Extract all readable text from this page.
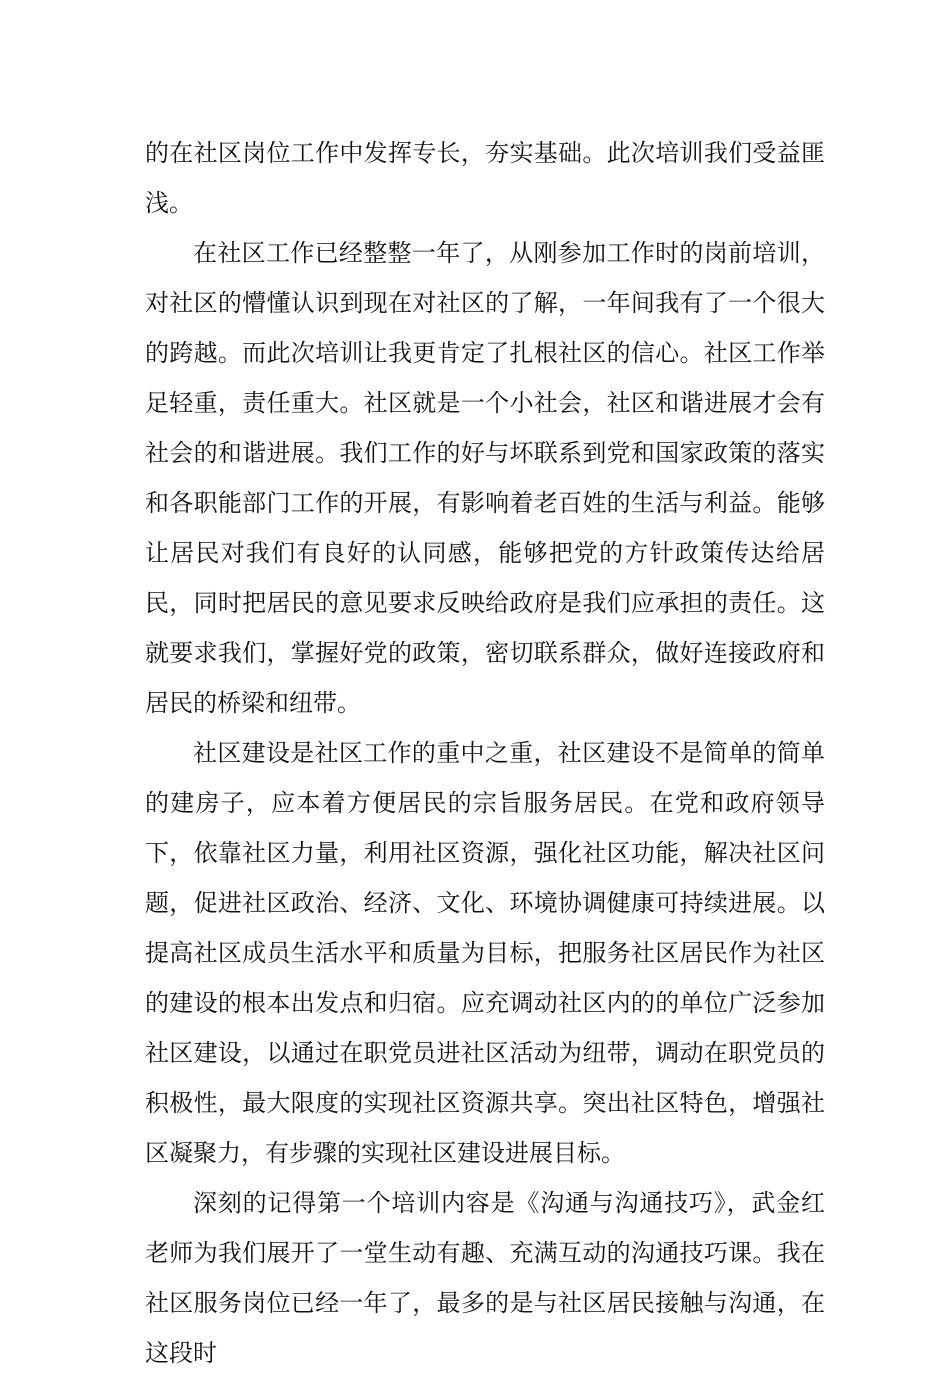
的在社区岗位工作中发挥专长，夯实基础。此次培训我们受益匪浅。

在社区工作已经整整一年了，从刚参加工作时的岗前培训，对社区的懵懂认识到现在对社区的了解，一年间我有了一个很大的跨越。而此次培训让我更肯定了扎根社区的信心。社区工作举足轻重，责任重大。社区就是一个小社会，社区和谐进展才会有社会的和谐进展。我们工作的好与坏联系到党和国家政策的落实和各职能部门工作的开展，有影响着老百姓的生活与利益。能够让居民对我们有良好的认同感，能够把党的方针政策传达给居民，同时把居民的意见要求反映给政府是我们应承担的责任。这就要求我们，掌握好党的政策，密切联系群众，做好连接政府和居民的桥梁和纽带。

社区建设是社区工作的重中之重，社区建设不是简单的简单的建房子，应本着方便居民的宗旨服务居民。在党和政府领导下，依靠社区力量，利用社区资源，强化社区功能，解决社区问题，促进社区政治、经济、文化、环境协调健康可持续进展。以提高社区成员生活水平和质量为目标，把服务社区居民作为社区的建设的根本出发点和归宿。应充调动社区内的的单位广泛参加社区建设，以通过在职党员进社区活动为纽带，调动在职党员的积极性，最大限度的实现社区资源共享。突出社区特色，增强社区凝聚力，有步骤的实现社区建设进展目标。

深刻的记得第一个培训内容是《沟通与沟通技巧》，武金红老师为我们展开了一堂生动有趣、充满互动的沟通技巧课。我在社区服务岗位已经一年了，最多的是与社区居民接触与沟通，在这段时
